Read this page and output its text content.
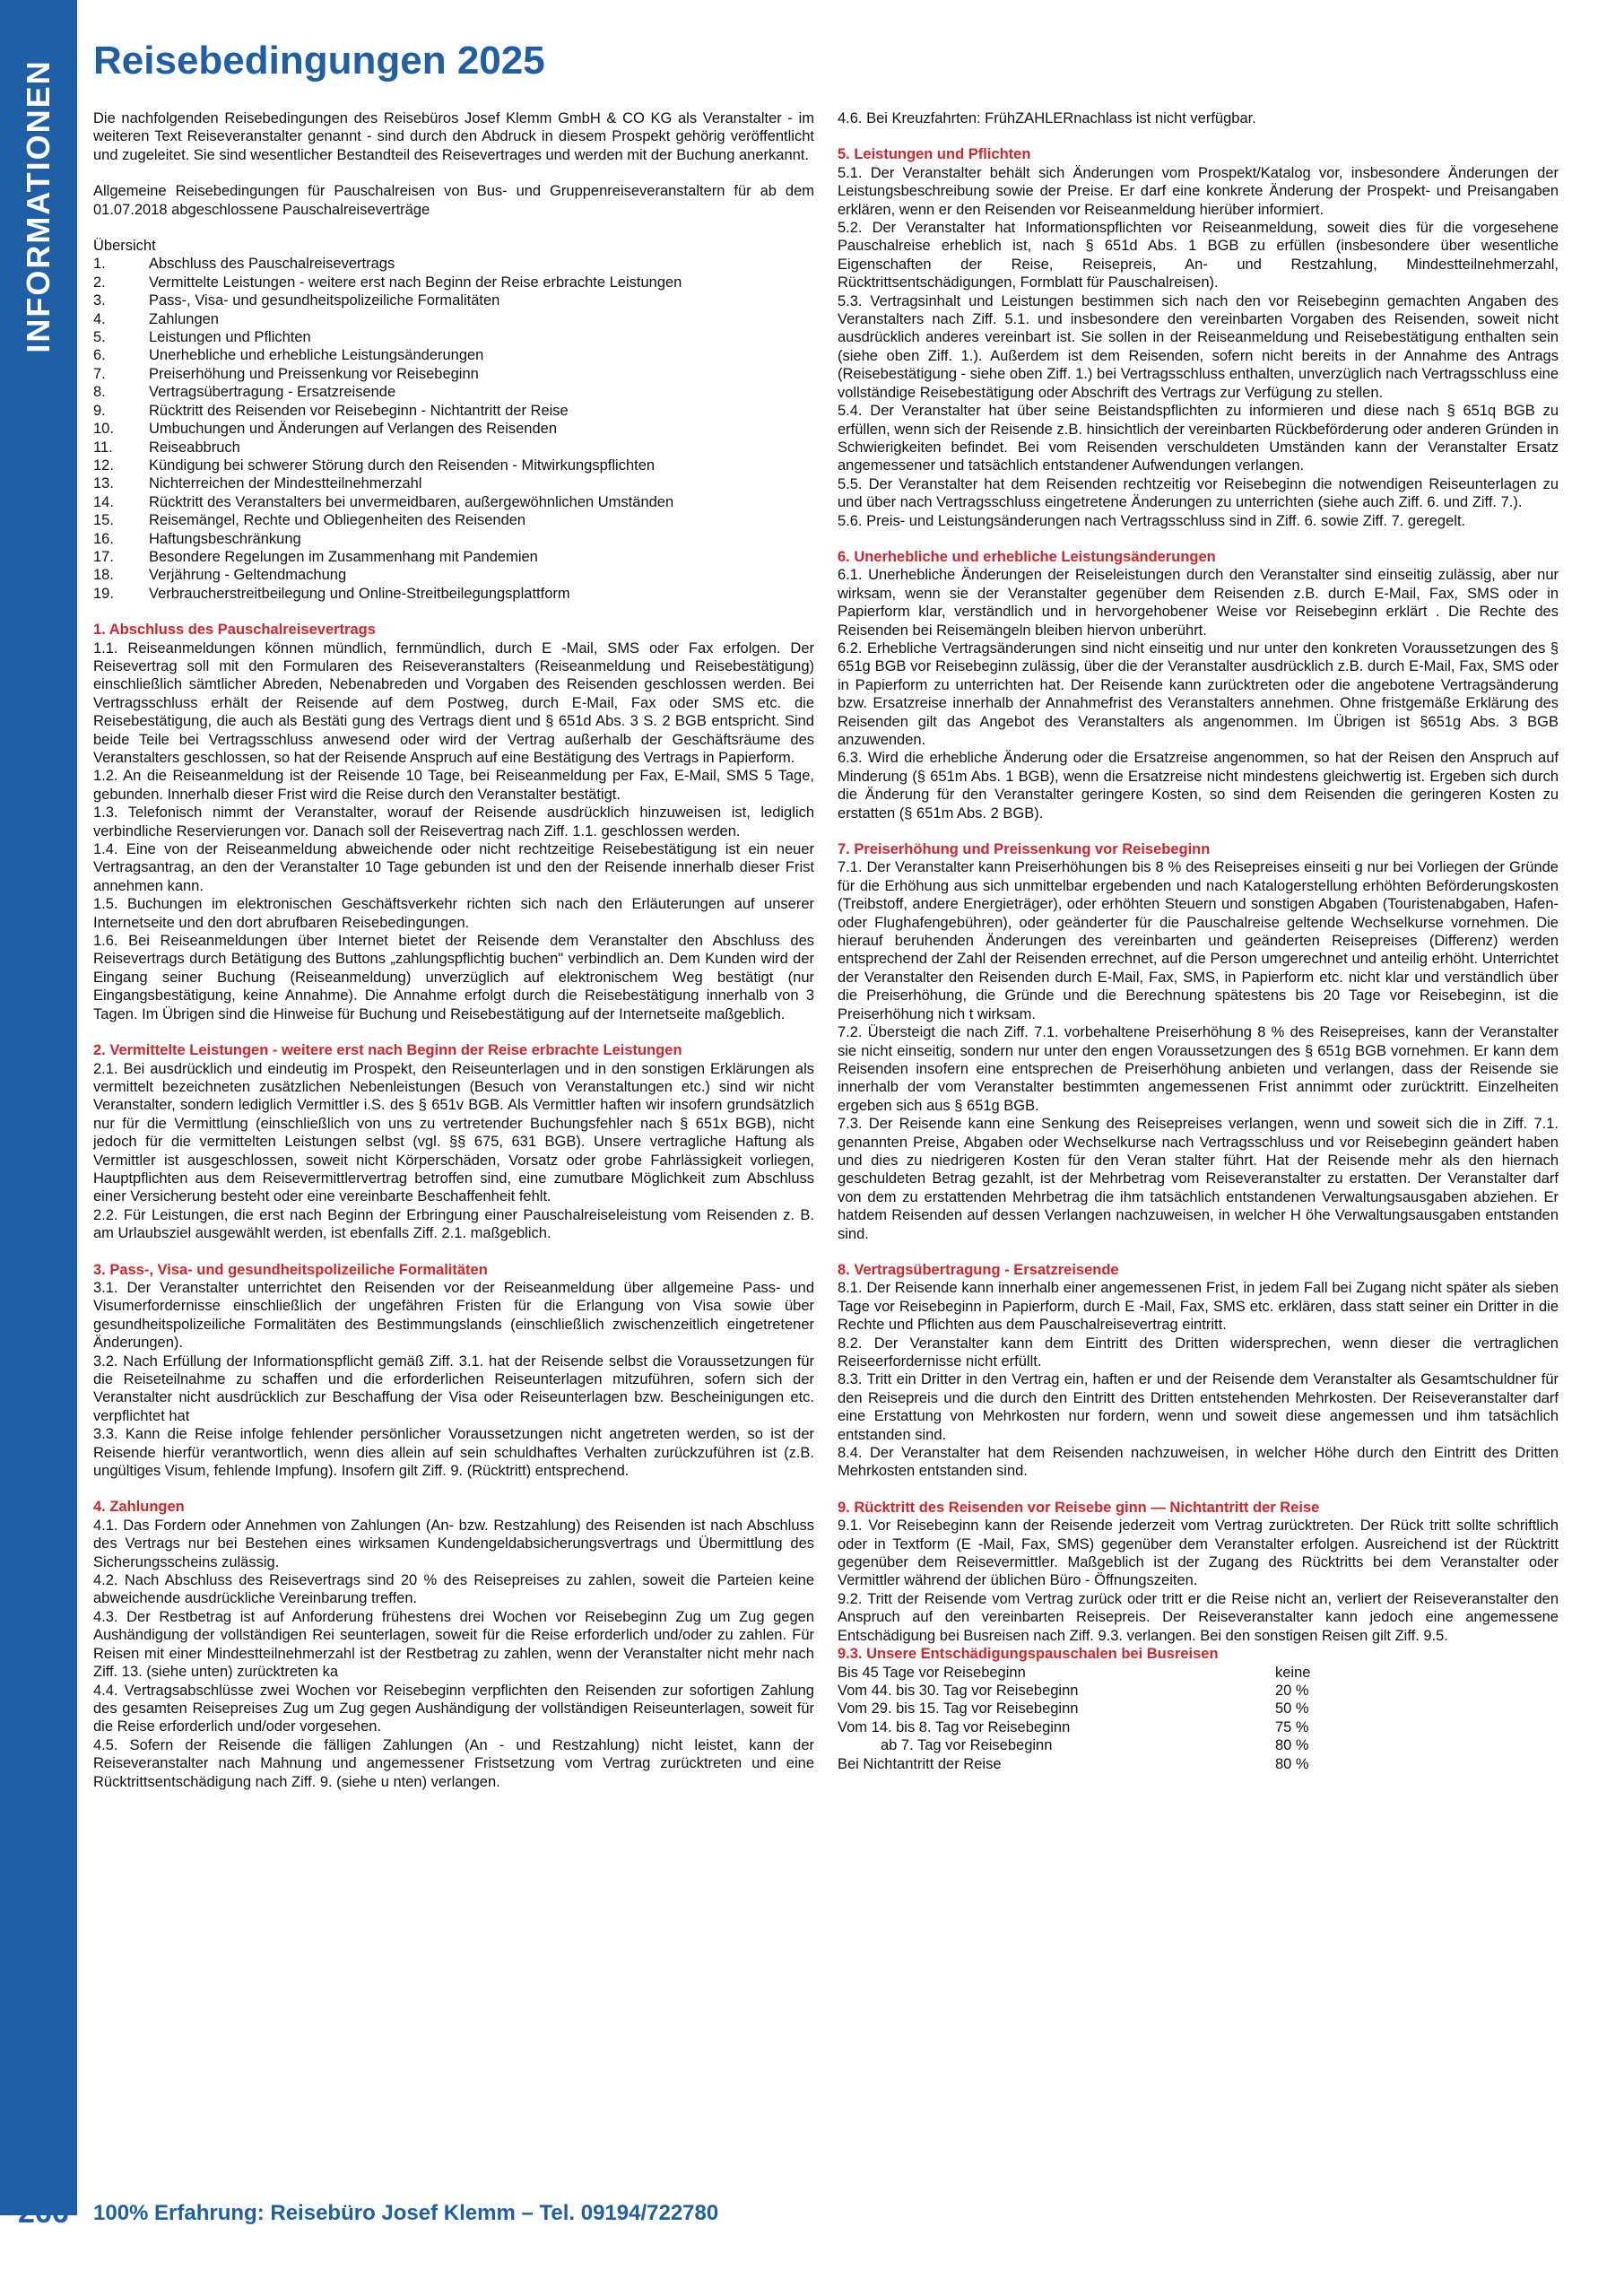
INFORMATIONEN
266 100% Erfahrung: Reisebüro Josef Klemm – Tel. 09194/722780
Reisebedingungen 2025

Die nachfolgenden Reisebedingungen des Reisebüros Josef Klemm GmbH & CO KG als Veranstalter - im weiteren Text Reiseveranstalter genannt - sind durch den Abdruck in diesem Prospekt gehörig veröffentlicht und zugeleitet. Sie sind wesentlicher Bestandteil des Reisevertrages und werden mit der Buchung anerkannt.

Allgemeine Reisebedingungen für Pauschalreisen von Bus- und Gruppenreiseveranstaltern für ab dem 01.07.2018 abgeschlossene Pauschalreiseverträge

Übersicht

1.	Abschluss des Pauschalreisevertrags
2.	Vermittelte Leistungen - weitere erst nach Beginn der Reise erbrachte Leistungen
3.	Pass-, Visa- und gesundheitspolizeiliche Formalitäten
4.	Zahlungen
5.	Leistungen und Pflichten
6.	Unerhebliche und erhebliche Leistungsänderungen
7.	Preiserhöhung und Preissenkung vor Reisebeginn
8.	Vertragsübertragung - Ersatzreisende
9.	Rücktritt des Reisenden vor Reisebeginn - Nichtantritt der Reise
10.	Umbuchungen und Änderungen auf Verlangen des Reisenden
11.	Reiseabbruch
12.	Kündigung bei schwerer Störung durch den Reisenden - Mitwirkungspflichten
13.	Nichterreichen der Mindestteilnehmerzahl
14.	Rücktritt des Veranstalters bei unvermeidbaren, außergewöhnlichen Umständen
15.	Reisemängel, Rechte und Obliegenheiten des Reisenden
16.	Haftungsbeschränkung
17.	Besondere Regelungen im Zusammenhang mit Pandemien
18.	Verjährung - Geltendmachung
19.	Verbraucherstreitbeilegung und Online-Streitbeilegungsplattform

1. Abschluss des Pauschalreisevertrags

1.1. Reiseanmeldungen können mündlich, fernmündlich, durch E -Mail, SMS oder Fax erfolgen. Der Reisevertrag soll mit den Formularen des Reiseveranstalters (Reiseanmeldung und Reisebestätigung) einschließlich sämtlicher Abreden, Nebenabreden und Vorgaben des Reisenden geschlossen werden. Bei Vertragsschluss erhält der Reisende auf dem Postweg, durch E-Mail, Fax oder SMS etc. die Reisebestätigung, die auch als Bestäti gung des Vertrags dient und § 651d Abs. 3 S. 2 BGB entspricht. Sind beide Teile bei Vertragsschluss anwesend oder wird der Vertrag außerhalb der Geschäftsräume des Veranstalters geschlossen, so hat der Reisende Anspruch auf eine Bestätigung des Vertrags in Papierform.

1.2. An die Reiseanmeldung ist der Reisende 10 Tage, bei Reiseanmeldung per Fax, E-Mail, SMS 5 Tage, gebunden. Innerhalb dieser Frist wird die Reise durch den Veranstalter bestätigt.

1.3. Telefonisch nimmt der Veranstalter, worauf der Reisende ausdrücklich hinzuweisen ist, lediglich verbindliche Reservierungen vor. Danach soll der Reisevertrag nach Ziff. 1.1. geschlossen werden.

1.4. Eine von der Reiseanmeldung abweichende oder nicht rechtzeitige Reisebestätigung ist ein neuer Vertragsantrag, an den der Veranstalter 10 Tage gebunden ist und den der Reisende innerhalb dieser Frist annehmen kann.

1.5. Buchungen im elektronischen Geschäftsverkehr richten sich nach den Erläuterungen auf unserer Internetseite und den dort abrufbaren Reisebedingungen.

1.6. Bei Reiseanmeldungen über Internet bietet der Reisende dem Veranstalter den Abschluss des Reisevertrags durch Betätigung des Buttons „zahlungspflichtig buchen" verbindlich an. Dem Kunden wird der Eingang seiner Buchung (Reiseanmeldung) unverzüglich auf elektronischem Weg bestätigt (nur Eingangsbestätigung, keine Annahme). Die Annahme erfolgt durch die Reisebestätigung innerhalb von 3 Tagen. Im Übrigen sind die Hinweise für Buchung und Reisebestätigung auf der Internetseite maßgeblich.

2. Vermittelte Leistungen - weitere erst nach Beginn der Reise erbrachte Leistungen

2.1. Bei ausdrücklich und eindeutig im Prospekt, den Reiseunterlagen und in den sonstigen Erklärungen als vermittelt bezeichneten zusätzlichen Nebenleistungen (Besuch von Veranstaltungen etc.) sind wir nicht Veranstalter, sondern lediglich Vermittler i.S. des § 651v BGB. Als Vermittler haften wir insofern grundsätzlich nur für die Vermittlung (einschließlich von uns zu vertretender Buchungsfehler nach § 651x BGB), nicht jedoch für die vermittelten Leistungen selbst (vgl. §§ 675, 631 BGB). Unsere vertragliche Haftung als Vermittler ist ausgeschlossen, soweit nicht Körperschäden, Vorsatz oder grobe Fahrlässigkeit vorliegen, Hauptpflichten aus dem Reisevermittlervertrag betroffen sind, eine zumutbare Möglichkeit zum Abschluss einer Versicherung besteht oder eine vereinbarte Beschaffenheit fehlt.

2.2. Für Leistungen, die erst nach Beginn der Erbringung einer Pauschalreiseleistung vom Reisenden z. B. am Urlaubsziel ausgewählt werden, ist ebenfalls Ziff. 2.1. maßgeblich.

3. Pass-, Visa- und gesundheitspolizeiliche Formalitäten

3.1. Der Veranstalter unterrichtet den Reisenden vor der Reiseanmeldung über allgemeine Pass- und Visumerfordernisse einschließlich der ungefähren Fristen für die Erlangung von Visa sowie über gesundheitspolizeiliche Formalitäten des Bestimmungslands (einschließlich zwischenzeitlich eingetretener Änderungen).

3.2. Nach Erfüllung der Informationspflicht gemäß Ziff. 3.1. hat der Reisende selbst die Voraussetzungen für die Reiseteilnahme zu schaffen und die erforderlichen Reiseunterlagen mitzuführen, sofern sich der Veranstalter nicht ausdrücklich zur Beschaffung der Visa oder Reiseunterlagen bzw. Bescheinigungen etc. verpflichtet hat

3.3. Kann die Reise infolge fehlender persönlicher Voraussetzungen nicht angetreten werden, so ist der Reisende hierfür verantwortlich, wenn dies allein auf sein schuldhaftes Verhalten zurückzuführen ist (z.B. ungültiges Visum, fehlende Impfung). Insofern gilt Ziff. 9. (Rücktritt) entsprechend.

4. Zahlungen

4.1. Das Fordern oder Annehmen von Zahlungen (An- bzw. Restzahlung) des Reisenden ist nach Abschluss des Vertrags nur bei Bestehen eines wirksamen Kundengeldabsicherungsvertrags und Übermittlung des Sicherungsscheins zulässig.

4.2. Nach Abschluss des Reisevertrags sind 20 % des Reisepreises zu zahlen, soweit die Parteien keine abweichende ausdrückliche Vereinbarung treffen.

4.3. Der Restbetrag ist auf Anforderung frühestens drei Wochen vor Reisebeginn Zug um Zug gegen Aushändigung der vollständigen Rei seunterlagen, soweit für die Reise erforderlich und/oder zu zahlen. Für Reisen mit einer Mindestteilnehmerzahl ist der Restbetrag zu zahlen, wenn der Veranstalter nicht mehr nach Ziff. 13. (siehe unten) zurücktreten ka

4.4. Vertragsabschlüsse zwei Wochen vor Reisebeginn verpflichten den Reisenden zur sofortigen Zahlung des gesamten Reisepreises Zug um Zug gegen Aushändigung der vollständigen Reiseunterlagen, soweit für die Reise erforderlich und/oder vorgesehen.

4.5. Sofern der Reisende die fälligen Zahlungen (An - und Restzahlung) nicht leistet, kann der Reiseveranstalter nach Mahnung und angemessener Fristsetzung vom Vertrag zurücktreten und eine Rücktrittsentschädigung nach Ziff. 9. (siehe u nten) verlangen.

4.6. Bei Kreuzfahrten: FrühZAHLERnachlass ist nicht verfügbar.

5. Leistungen und Pflichten

5.1. Der Veranstalter behält sich Änderungen vom Prospekt/Katalog vor, insbesondere Änderungen der Leistungsbeschreibung sowie der Preise. Er darf eine konkrete Änderung der Prospekt- und Preisangaben erklären, wenn er den Reisenden vor Reiseanmeldung hierüber informiert.

5.2. Der Veranstalter hat Informationspflichten vor Reiseanmeldung, soweit dies für die vorgesehene Pauschalreise erheblich ist, nach § 651d Abs. 1 BGB zu erfüllen (insbesondere über wesentliche Eigenschaften der Reise, Reisepreis, An- und Restzahlung, Mindestteilnehmerzahl, Rücktrittsentschädigungen, Formblatt für Pauschalreisen).

5.3. Vertragsinhalt und Leistungen bestimmen sich nach den vor Reisebeginn gemachten Angaben des Veranstalters nach Ziff. 5.1. und insbesondere den vereinbarten Vorgaben des Reisenden, soweit nicht ausdrücklich anderes vereinbart ist. Sie sollen in der Reiseanmeldung und Reisebestätigung enthalten sein (siehe oben Ziff. 1.). Außerdem ist dem Reisenden, sofern nicht bereits in der Annahme des Antrags (Reisebestätigung - siehe oben Ziff. 1.) bei Vertragsschluss enthalten, unverzüglich nach Vertragsschluss eine vollständige Reisebestätigung oder Abschrift des Vertrags zur Verfügung zu stellen.

5.4. Der Veranstalter hat über seine Beistandspflichten zu informieren und diese nach § 651q BGB zu erfüllen, wenn sich der Reisende z.B. hinsichtlich der vereinbarten Rückbeförderung oder anderen Gründen in Schwierigkeiten befindet. Bei vom Reisenden verschuldeten Umständen kann der Veranstalter Ersatz angemessener und tatsächlich entstandener Aufwendungen verlangen.

5.5. Der Veranstalter hat dem Reisenden rechtzeitig vor Reisebeginn die notwendigen Reiseunterlagen zu und über nach Vertragsschluss eingetretene Änderungen zu unterrichten (siehe auch Ziff. 6. und Ziff. 7.).

5.6. Preis- und Leistungsänderungen nach Vertragsschluss sind in Ziff. 6. sowie Ziff. 7. geregelt.

6. Unerhebliche und erhebliche Leistungsänderungen

6.1. Unerhebliche Änderungen der Reiseleistungen durch den Veranstalter sind einseitig zulässig, aber nur wirksam, wenn sie der Veranstalter gegenüber dem Reisenden z.B. durch E-Mail, Fax, SMS oder in Papierform klar, verständlich und in hervorgehobener Weise vor Reisebeginn erklärt . Die Rechte des Reisenden bei Reisemängeln bleiben hiervon unberührt.

6.2. Erhebliche Vertragsänderungen sind nicht einseitig und nur unter den konkreten Voraussetzungen des § 651g BGB vor Reisebeginn zulässig, über die der Veranstalter ausdrücklich z.B. durch E-Mail, Fax, SMS oder in Papierform zu unterrichten hat. Der Reisende kann zurücktreten oder die angebotene Vertragsänderung bzw. Ersatzreise innerhalb der Annahmefrist des Veranstalters annehmen. Ohne fristgemäße Erklärung des Reisenden gilt das Angebot des Veranstalters als angenommen. Im Übrigen ist §651g Abs. 3 BGB anzuwenden.

6.3. Wird die erhebliche Änderung oder die Ersatzreise angenommen, so hat der Reisen den Anspruch auf Minderung (§ 651m Abs. 1 BGB), wenn die Ersatzreise nicht mindestens gleichwertig ist. Ergeben sich durch die Änderung für den Veranstalter geringere Kosten, so sind dem Reisenden die geringeren Kosten zu erstatten (§ 651m Abs. 2 BGB).

7. Preiserhöhung und Preissenkung vor Reisebeginn

7.1. Der Veranstalter kann Preiserhöhungen bis 8 % des Reisepreises einseiti g nur bei Vorliegen der Gründe für die Erhöhung aus sich unmittelbar ergebenden und nach Katalogerstellung erhöhten Beförderungskosten (Treibstoff, andere Energieträger), oder erhöhten Steuern und sonstigen Abgaben (Touristenabgaben, Hafen- oder Flughafengebühren), oder geänderter für die Pauschalreise geltende Wechselkurse vornehmen. Die hierauf beruhenden Änderungen des vereinbarten und geänderten Reisepreises (Differenz) werden entsprechend der Zahl der Reisenden errechnet, auf die Person umgerechnet und anteilig erhöht. Unterrichtet der Veranstalter den Reisenden durch E-Mail, Fax, SMS, in Papierform etc. nicht klar und verständlich über die Preiserhöhung, die Gründe und die Berechnung spätestens bis 20 Tage vor Reisebeginn, ist die Preiserhöhung nich t wirksam.

7.2. Übersteigt die nach Ziff. 7.1. vorbehaltene Preiserhöhung 8 % des Reisepreises, kann der Veranstalter sie nicht einseitig, sondern nur unter den engen Voraussetzungen des § 651g BGB vornehmen. Er kann dem Reisenden insofern eine entsprechen de Preiserhöhung anbieten und verlangen, dass der Reisende sie innerhalb der vom Veranstalter bestimmten angemessenen Frist annimmt oder zurücktritt. Einzelheiten ergeben sich aus § 651g BGB.

7.3. Der Reisende kann eine Senkung des Reisepreises verlangen, wenn und soweit sich die in Ziff. 7.1. genannten Preise, Abgaben oder Wechselkurse nach Vertragsschluss und vor Reisebeginn geändert haben und dies zu niedrigeren Kosten für den Veran stalter führt. Hat der Reisende mehr als den hiernach geschuldeten Betrag gezahlt, ist der Mehrbetrag vom Reiseveranstalter zu erstatten. Der Veranstalter darf von dem zu erstattenden Mehrbetrag die ihm tatsächlich entstandenen Verwaltungsausgaben abziehen. Er hatdem Reisenden auf dessen Verlangen nachzuweisen, in welcher H öhe Verwaltungsausgaben entstanden sind.

8. Vertragsübertragung - Ersatzreisende

8.1. Der Reisende kann innerhalb einer angemessenen Frist, in jedem Fall bei Zugang nicht später als sieben Tage vor Reisebeginn in Papierform, durch E -Mail, Fax, SMS etc. erklären, dass statt seiner ein Dritter in die Rechte und Pflichten aus dem Pauschalreisevertrag eintritt.

8.2. Der Veranstalter kann dem Eintritt des Dritten widersprechen, wenn dieser die vertraglichen Reiseerfordernisse nicht erfüllt.

8.3. Tritt ein Dritter in den Vertrag ein, haften er und der Reisende dem Veranstalter als Gesamtschuldner für den Reisepreis und die durch den Eintritt des Dritten entstehenden Mehrkosten. Der Reiseveranstalter darf eine Erstattung von Mehrkosten nur fordern, wenn und soweit diese angemessen und ihm tatsächlich entstanden sind.

8.4. Der Veranstalter hat dem Reisenden nachzuweisen, in welcher Höhe durch den Eintritt des Dritten Mehrkosten entstanden sind.

9. Rücktritt des Reisenden vor Reisebe ginn — Nichtantritt der Reise

9.1. Vor Reisebeginn kann der Reisende jederzeit vom Vertrag zurücktreten. Der Rück tritt sollte schriftlich oder in Textform (E -Mail, Fax, SMS) gegenüber dem Veranstalter erfolgen. Ausreichend ist der Rücktritt gegenüber dem Reisevermittler. Maßgeblich ist der Zugang des Rücktritts bei dem Veranstalter oder Vermittler während der üblichen Büro - Öffnungszeiten.

9.2. Tritt der Reisende vom Vertrag zurück oder tritt er die Reise nicht an, verliert der Reiseveranstalter den Anspruch auf den vereinbarten Reisepreis. Der Reiseveranstalter kann jedoch eine angemessene Entschädigung bei Busreisen nach Ziff. 9.3. verlangen. Bei den sonstigen Reisen gilt Ziff. 9.5.

9.3. Unsere Entschädigungspauschalen bei Busreisen

Bis 45 Tage vor Reisebeginn	keine
Vom 44. bis 30. Tag vor Reisebeginn	20 %
Vom 29. bis 15. Tag vor Reisebeginn	50 %
Vom 14. bis 8. Tag vor Reisebeginn	75 %
ab 7. Tag vor Reisebeginn	80 %
Bei Nichtantritt der Reise	80 %
